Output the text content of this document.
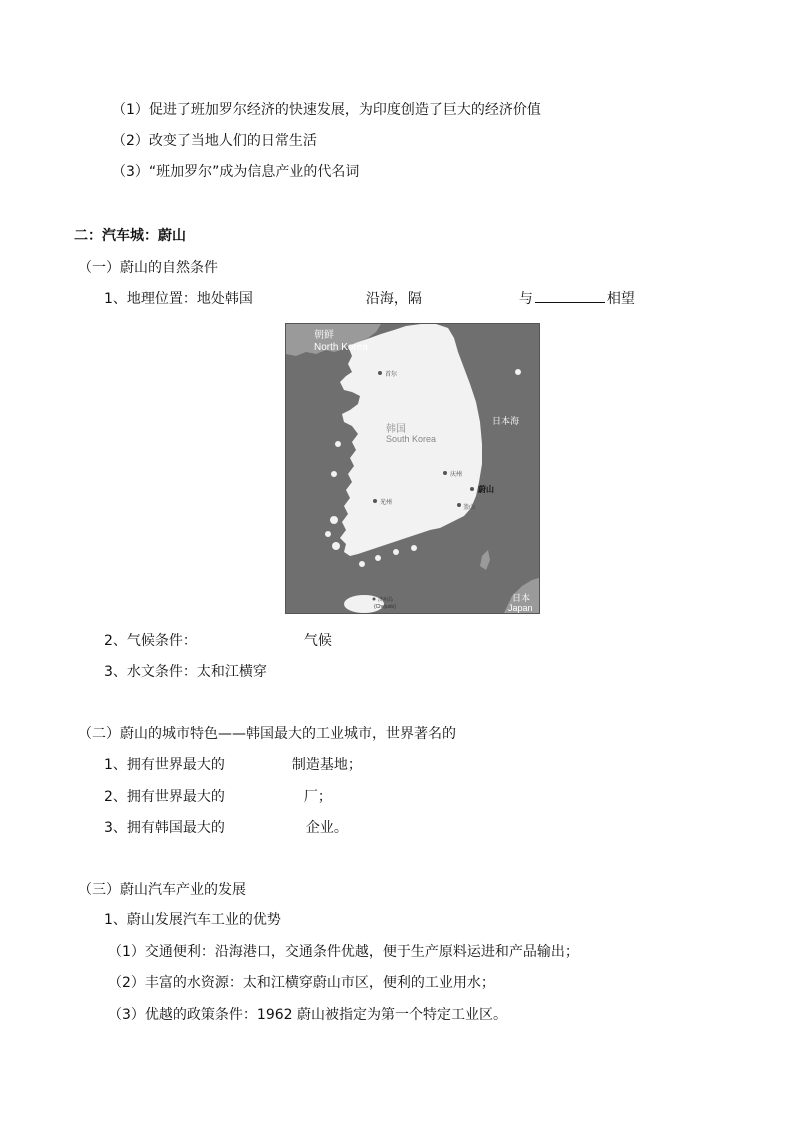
（1）促进了班加罗尔经济的快速发展，为印度创造了巨大的经济价值
（2）改变了当地人们的日常生活
（3）“班加罗尔”成为信息产业的代名词
二：汽车城：蔚山
（一）蔚山的自然条件
1、地理位置：地处韩国	沿海，隔	与	相望
朝鲜
North Korea
首尔
韩国
South Korea
日本海
庆州
蔚山
光州
釜山
济州岛
(Chejudo)
日本
Japan
2、气候条件：	气候
3、水文条件：太和江横穿
（二）蔚山的城市特色——韩国最大的工业城市，世界著名的
1、拥有世界最大的	制造基地；
2、拥有世界最大的	厂；
3、拥有韩国最大的	企业。
（三）蔚山汽车产业的发展
1、蔚山发展汽车工业的优势
（1）交通便利：沿海港口，交通条件优越，便于生产原料运进和产品输出；
（2）丰富的水资源：太和江横穿蔚山市区，便利的工业用水；
（3）优越的政策条件：1962 蔚山被指定为第一个特定工业区。
